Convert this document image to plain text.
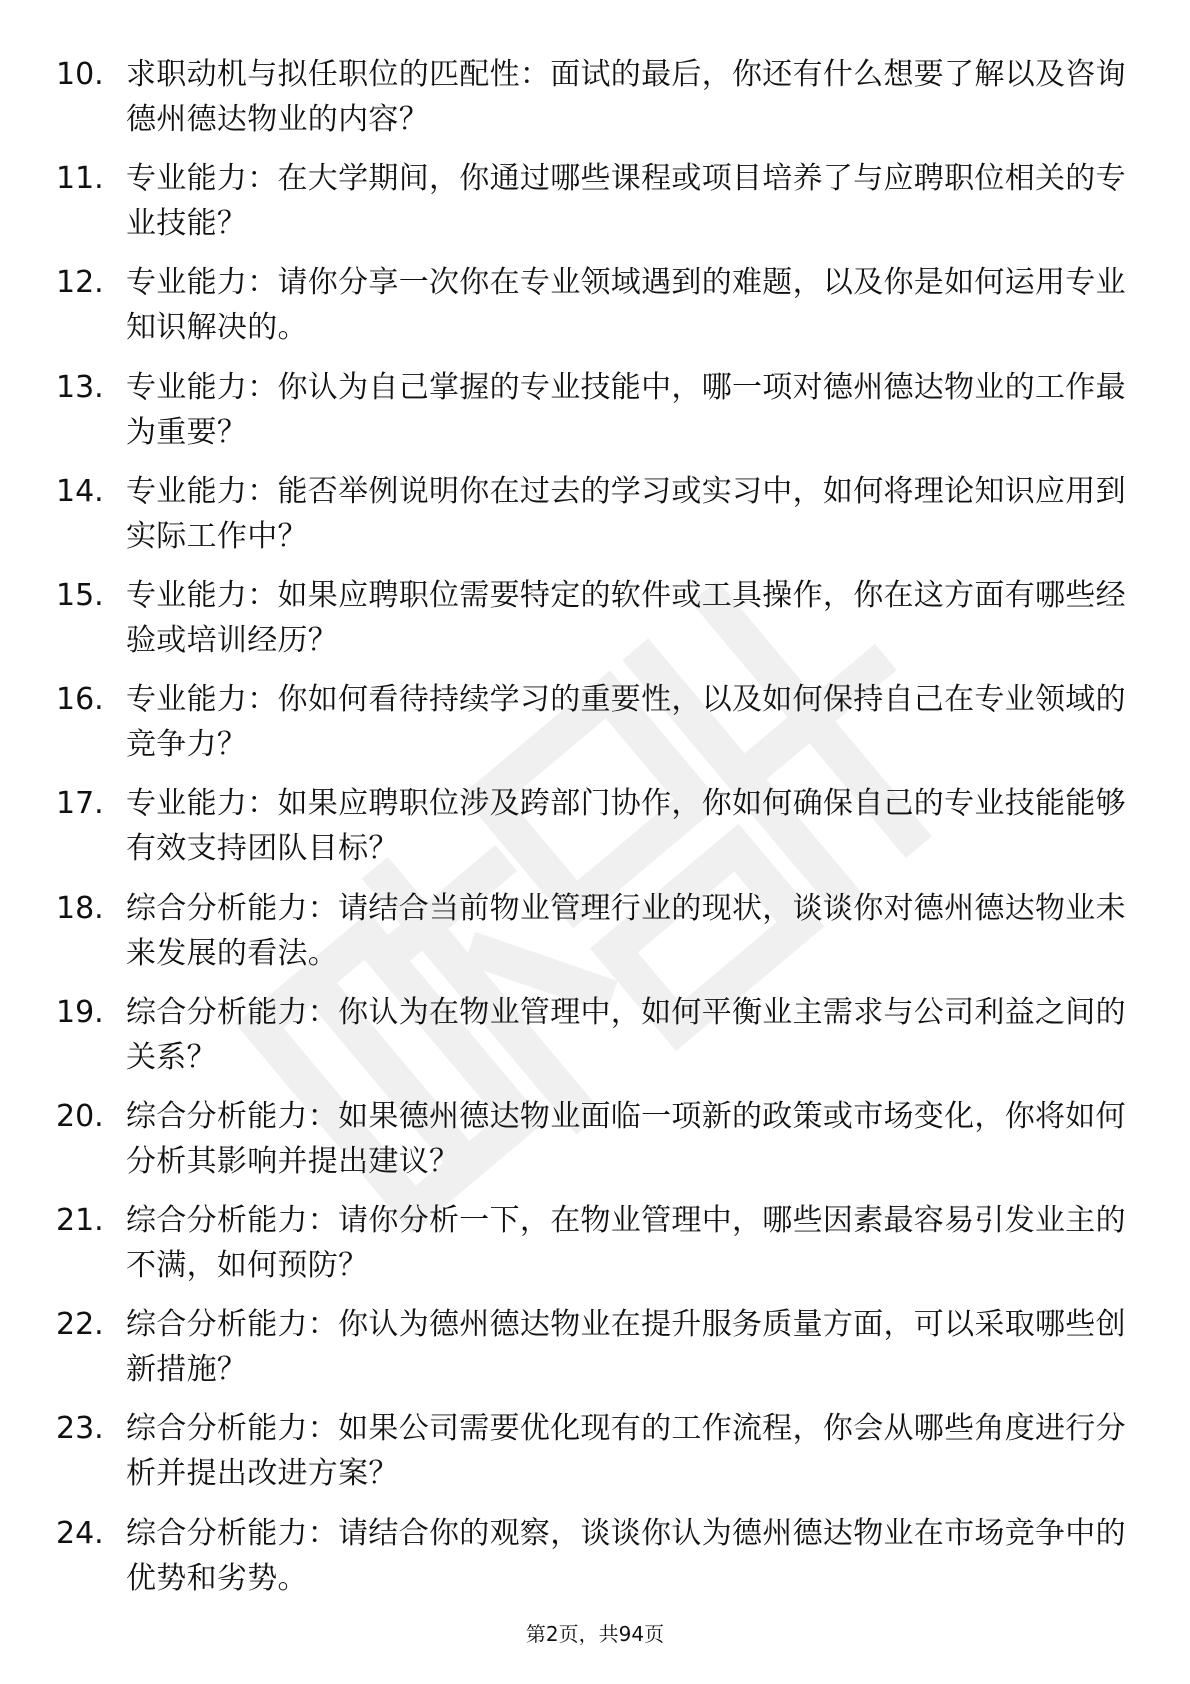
10. 求职动机与拟任职位的匹配性：面试的最后，你还有什么想要了解以及咨询德州德达物业的内容？
11. 专业能力：在大学期间，你通过哪些课程或项目培养了与应聘职位相关的专业技能？
12. 专业能力：请你分享一次你在专业领域遇到的难题，以及你是如何运用专业知识解决的。
13. 专业能力：你认为自己掌握的专业技能中，哪一项对德州德达物业的工作最为重要？
14. 专业能力：能否举例说明你在过去的学习或实习中，如何将理论知识应用到实际工作中？
15. 专业能力：如果应聘职位需要特定的软件或工具操作，你在这方面有哪些经验或培训经历？
16. 专业能力：你如何看待持续学习的重要性，以及如何保持自己在专业领域的竞争力？
17. 专业能力：如果应聘职位涉及跨部门协作，你如何确保自己的专业技能能够有效支持团队目标？
18. 综合分析能力：请结合当前物业管理行业的现状，谈谈你对德州德达物业未来发展的看法。
19. 综合分析能力：你认为在物业管理中，如何平衡业主需求与公司利益之间的关系？
20. 综合分析能力：如果德州德达物业面临一项新的政策或市场变化，你将如何分析其影响并提出建议？
21. 综合分析能力：请你分析一下，在物业管理中，哪些因素最容易引发业主的不满，如何预防？
22. 综合分析能力：你认为德州德达物业在提升服务质量方面，可以采取哪些创新措施？
23. 综合分析能力：如果公司需要优化现有的工作流程，你会从哪些角度进行分析并提出改进方案？
24. 综合分析能力：请结合你的观察，谈谈你认为德州德达物业在市场竞争中的优势和劣势。
第2页，共94页
